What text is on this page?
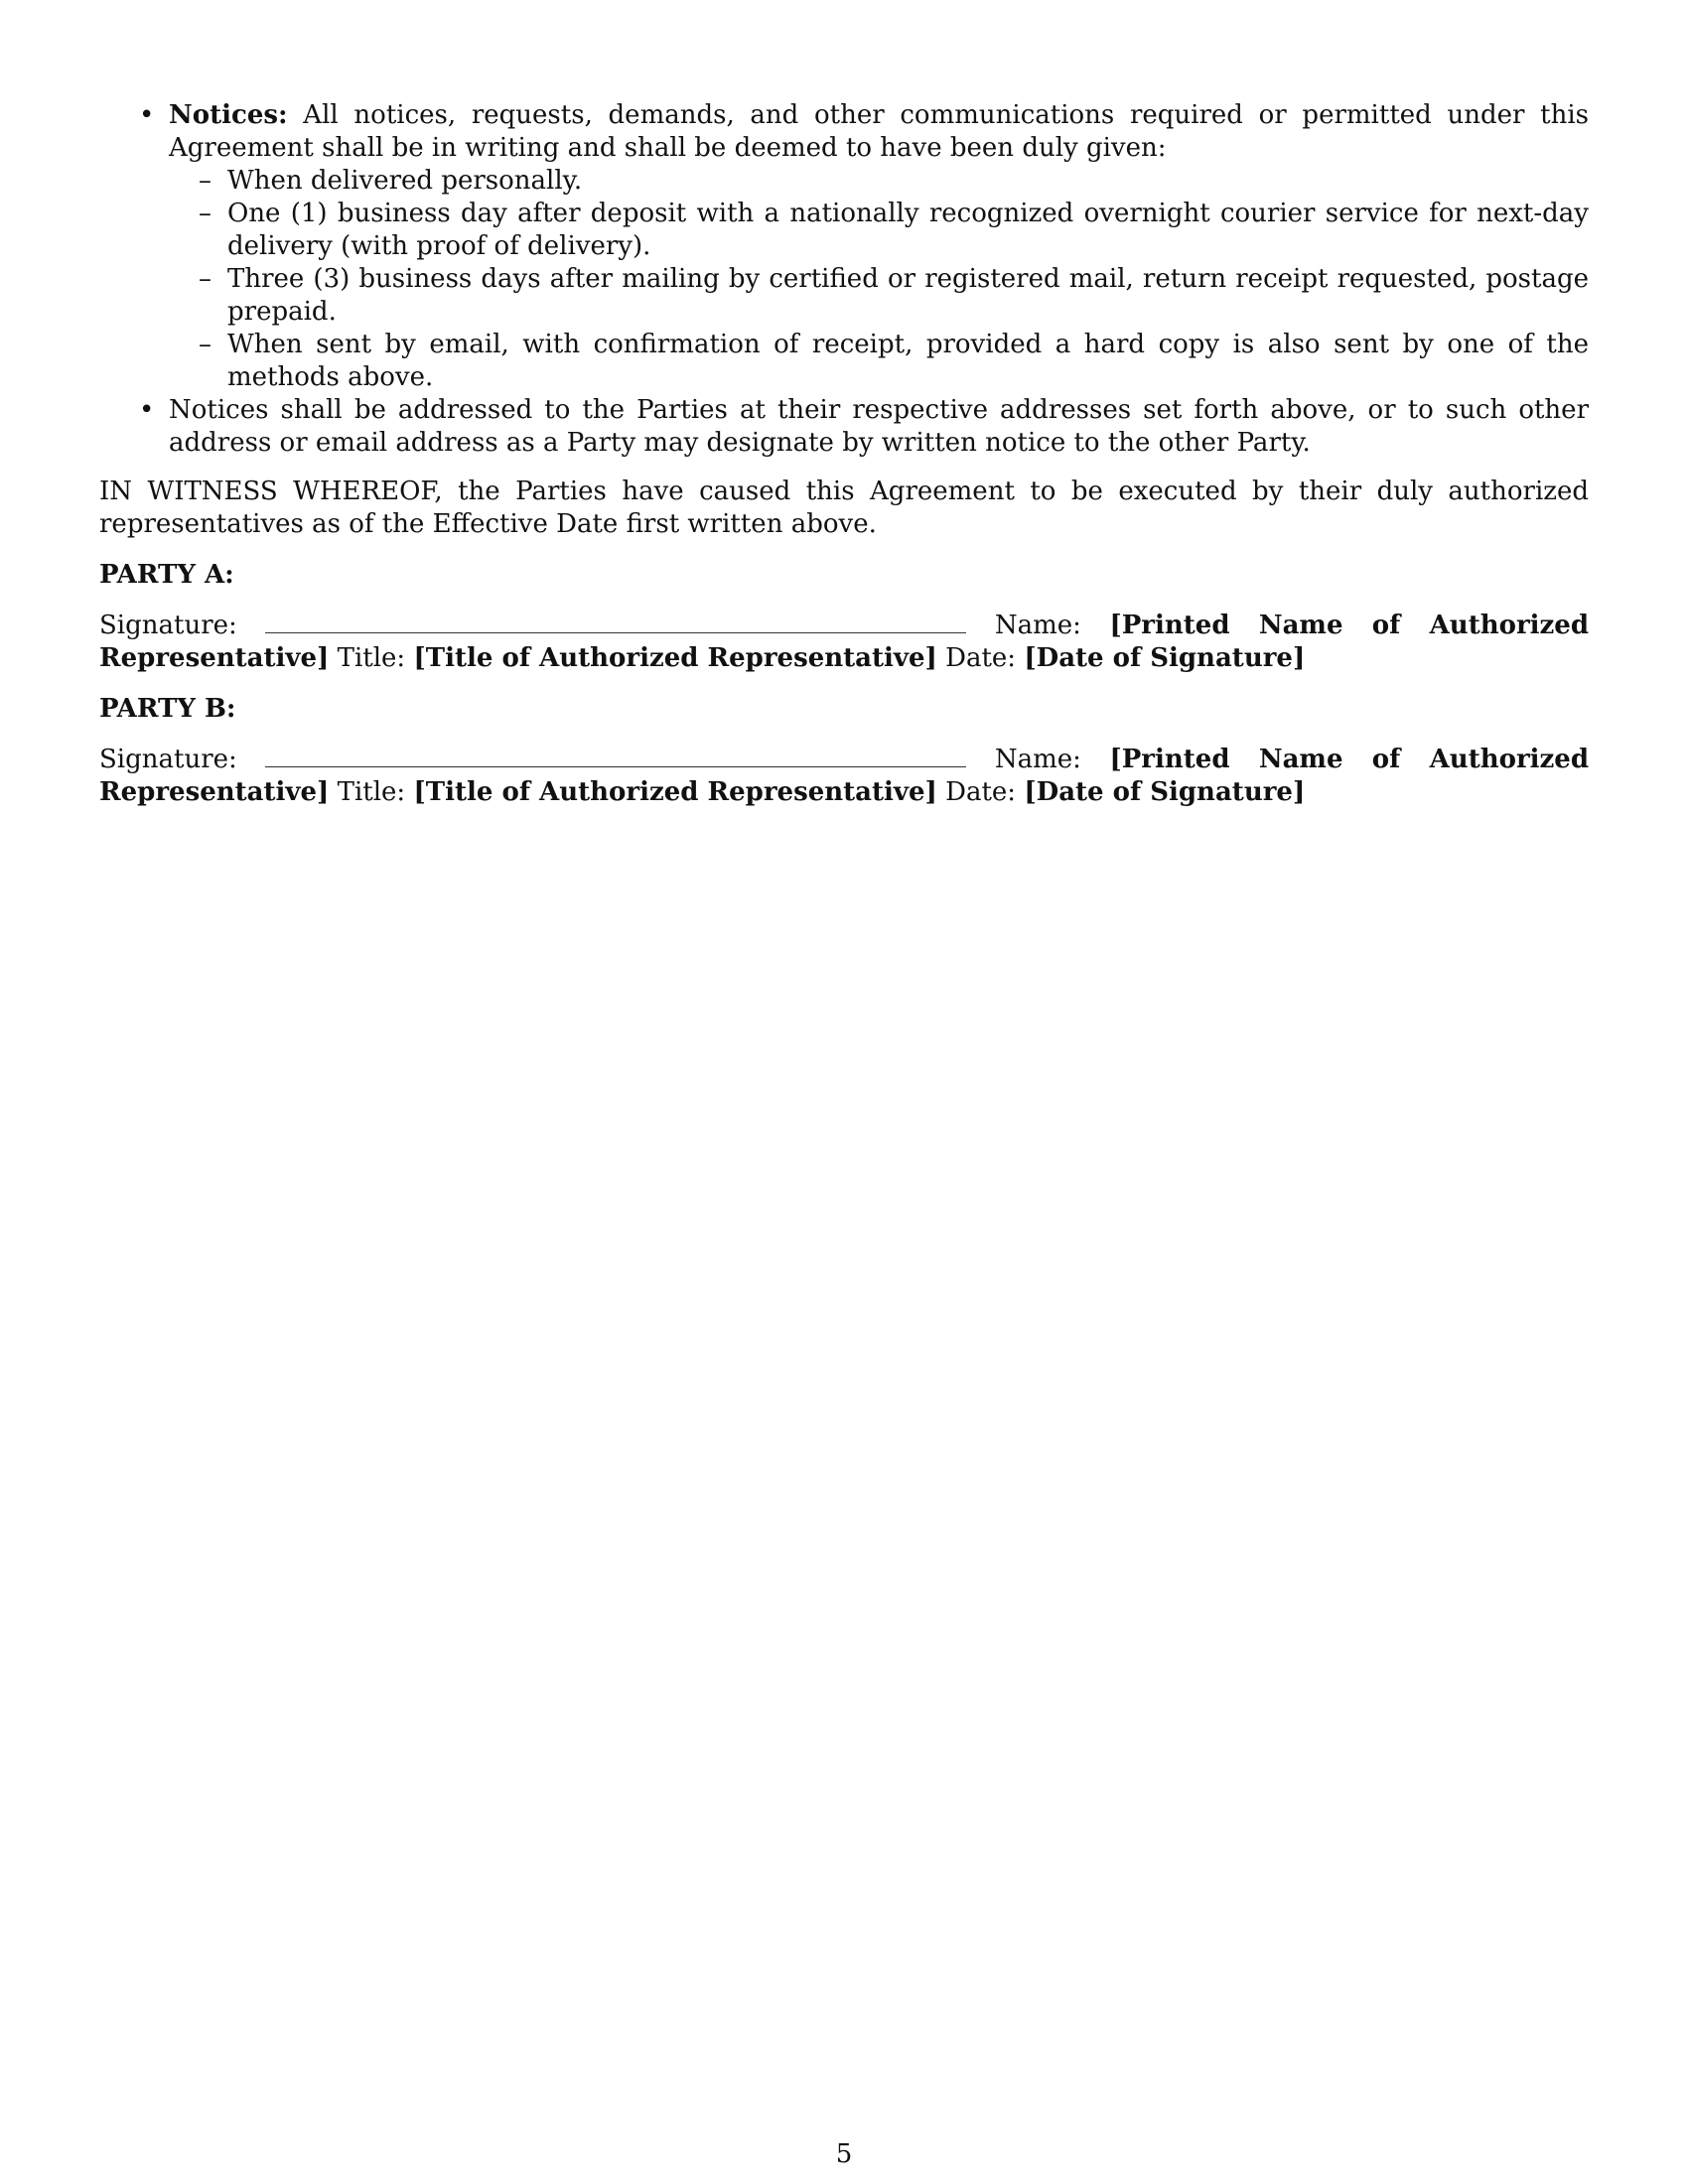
• Notices: All notices, requests, demands, and other communications required or permitted under this Agreement shall be in writing and shall be deemed to have been duly given:
– When delivered personally.
– One (1) business day after deposit with a nationally recognized overnight courier service for next-day delivery (with proof of delivery).
– Three (3) business days after mailing by certified or registered mail, return receipt requested, postage prepaid.
– When sent by email, with confirmation of receipt, provided a hard copy is also sent by one of the methods above.
• Notices shall be addressed to the Parties at their respective addresses set forth above, or to such other address or email address as a Party may designate by written notice to the other Party.

IN WITNESS WHEREOF, the Parties have caused this Agreement to be executed by their duly authorized representatives as of the Effective Date first written above.

PARTY A:
Signature:	Name: [Printed Name of Authorized Representative] Title: [Title of Authorized Representative] Date: [Date of Signature]
PARTY B:
Signature:	Name: [Printed Name of Authorized Representative] Title: [Title of Authorized Representative] Date: [Date of Signature]
5
